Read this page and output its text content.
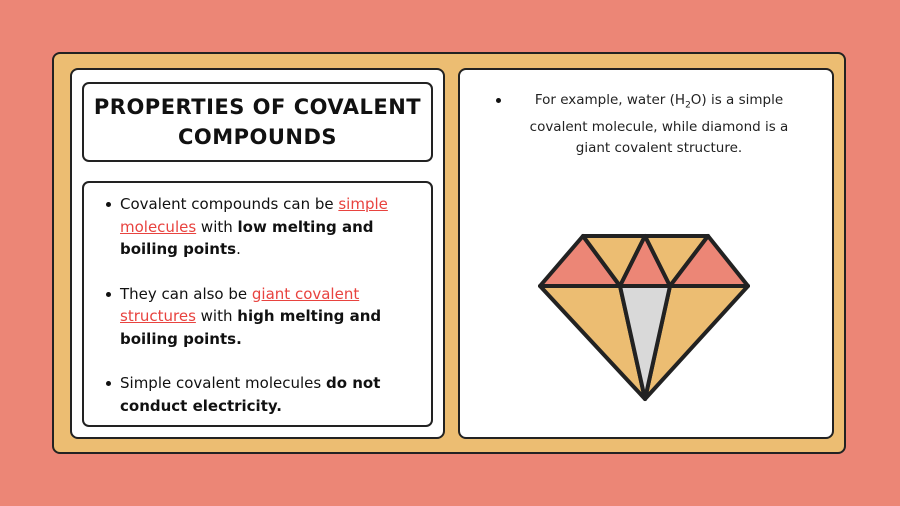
PROPERTIES OF COVALENT COMPOUNDS
Covalent compounds can be simple molecules with low melting and boiling points.
They can also be giant covalent structures with high melting and boiling points.
Simple covalent molecules do not conduct electricity.

For example, water $(H_2O)$ is a simple covalent molecule, while diamond is a giant covalent structure.
